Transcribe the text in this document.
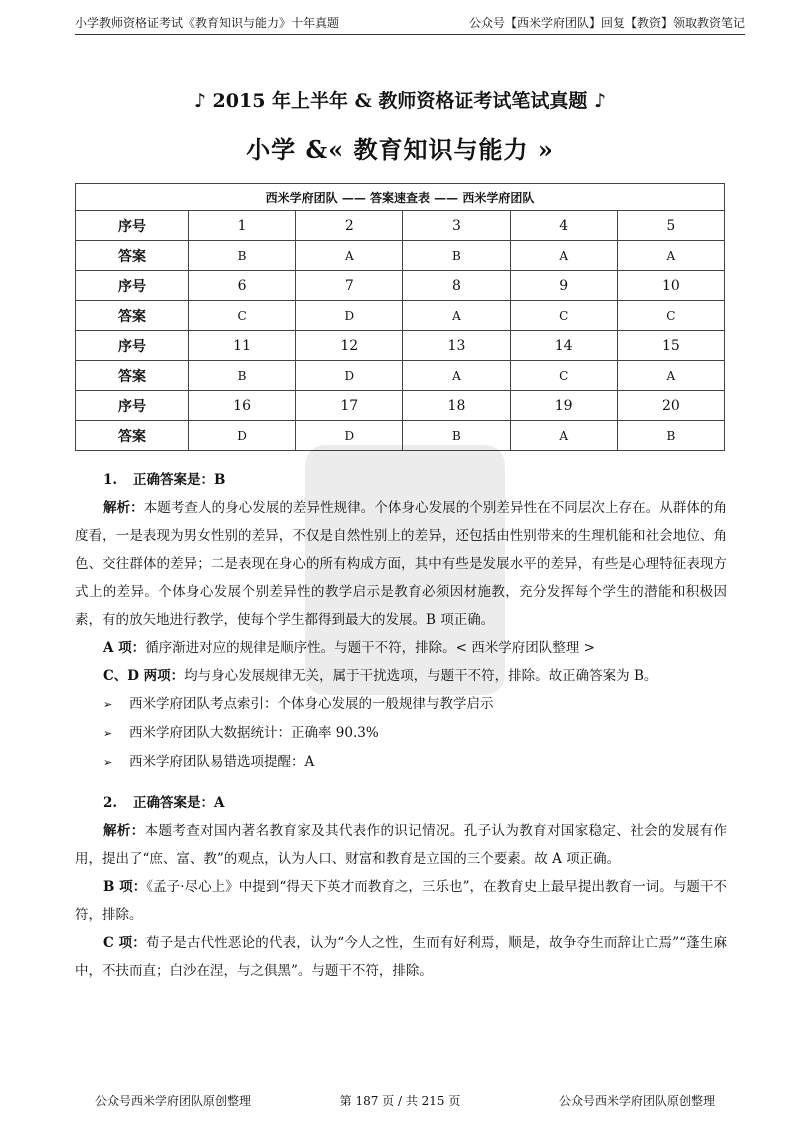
小学教师资格证考试《教育知识与能力》十年真题	公众号【西米学府团队】回复【教资】领取教资笔记
♪ 2015 年上半年 & 教师资格证考试笔试真题 ♪
小学 &« 教育知识与能力 »
西米学府团队 —— 答案速查表 —— 西米学府团队					
序号	1	2	3	4	5
答案	B	A	B	A	A
序号	6	7	8	9	10
答案	C	D	A	C	C
序号	11	12	13	14	15
答案	B	D	A	C	A
序号	16	17	18	19	20
答案	D	D	B	A	B

1. 正确答案是：B

解析：本题考查人的身心发展的差异性规律。个体身心发展的个别差异性在不同层次上存在。从群体的角度看，一是表现为男女性别的差异，不仅是自然性别上的差异，还包括由性别带来的生理机能和社会地位、角色、交往群体的差异；二是表现在身心的所有构成方面，其中有些是发展水平的差异，有些是心理特征表现方式上的差异。个体身心发展个别差异性的教学启示是教育必须因材施教，充分发挥每个学生的潜能和积极因素，有的放矢地进行教学，使每个学生都得到最大的发展。B 项正确。

A 项：循序渐进对应的规律是顺序性。与题干不符，排除。< 西米学府团队整理 >

C、D 两项：均与身心发展规律无关，属于干扰选项，与题干不符，排除。故正确答案为 B。

➢ 西米学府团队考点索引：个体身心发展的一般规律与教学启示

➢ 西米学府团队大数据统计：正确率 90.3%

➢ 西米学府团队易错选项提醒：A

2. 正确答案是：A

解析：本题考查对国内著名教育家及其代表作的识记情况。孔子认为教育对国家稳定、社会的发展有作用，提出了“庶、富、教”的观点，认为人口、财富和教育是立国的三个要素。故 A 项正确。

B 项：《孟子·尽心上》中提到“得天下英才而教育之，三乐也”，在教育史上最早提出教育一词。与题干不符，排除。

C 项：荀子是古代性恶论的代表，认为“今人之性，生而有好利焉，顺是，故争夺生而辞让亡焉”“蓬生麻中，不扶而直；白沙在涅，与之俱黑”。与题干不符，排除。

公众号西米学府团队原创整理	第 187 页 / 共 215 页	公众号西米学府团队原创整理
